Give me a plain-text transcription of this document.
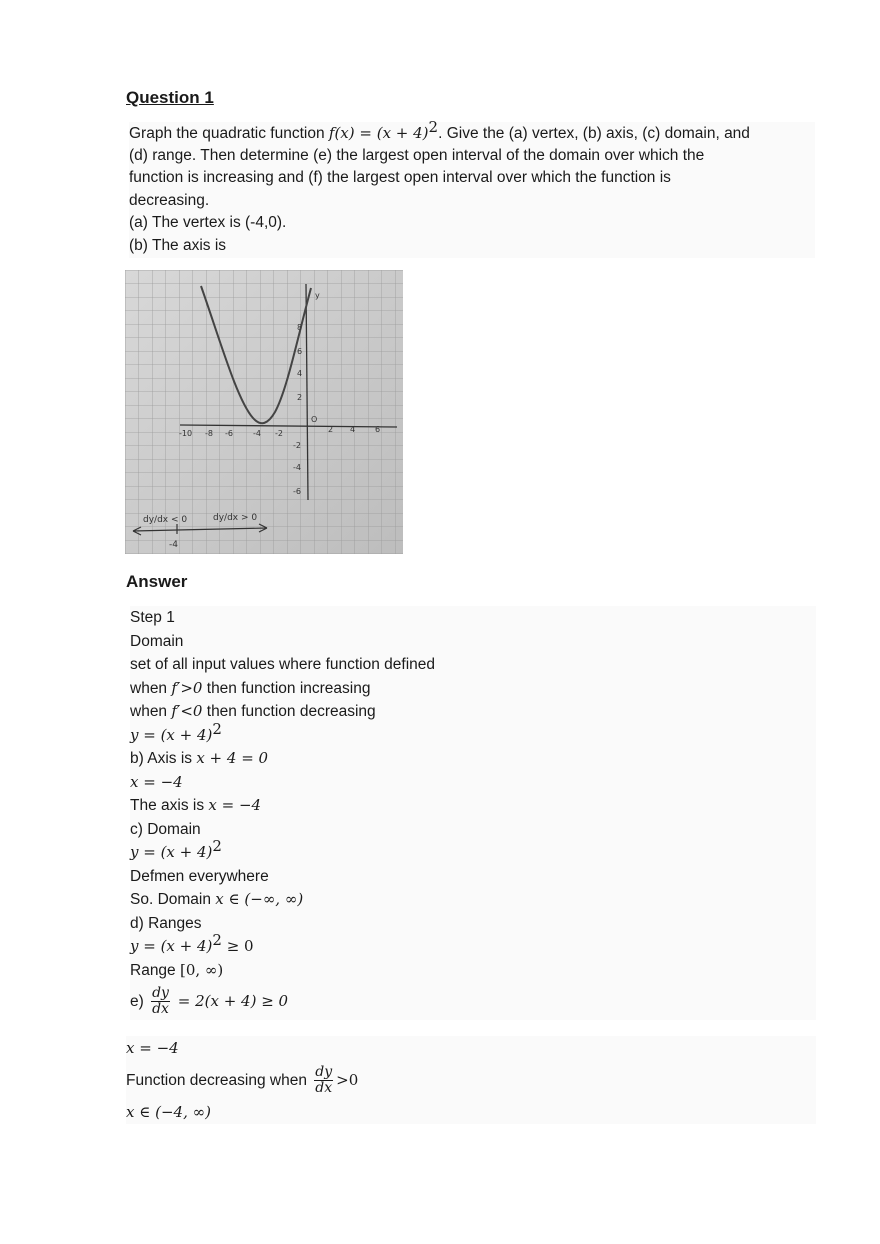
Question 1
Graph the quadratic function $f(x) = (x + 4)^2$. Give the (a) vertex, (b) axis, (c) domain, and
(d) range. Then determine (e) the largest open interval of the domain over which the
function is increasing and (f) the largest open interval over which the function is
decreasing.
(a) The vertex is (-4,0).
(b) The axis is
-10 -8 -6	-4 -2	2 4 6
8
6
4
2
-2
-4
-6
y
O
dy/dx < 0	dy/dx > 0
-4
Answer
Step 1
Domain
set of all input values where function defined
when f′>0 then function increasing
when f′<0 then function decreasing
$y = (x + 4)^2$
b) Axis is x + 4 = 0
x = −4
The axis is x = −4
c) Domain
$y = (x + 4)^2$
Defmen everywhere
So. Domain x ∈ (−∞, ∞)
d) Ranges
$y = (x + 4)^2 \ge 0$
Range [0, ∞)
$e) \frac{dy}{dx} = 2(x + 4) \ge 0$
x = −4
Function decreasing when $\frac{dy}{dx} >0$
x ∈ (−4, ∞)
